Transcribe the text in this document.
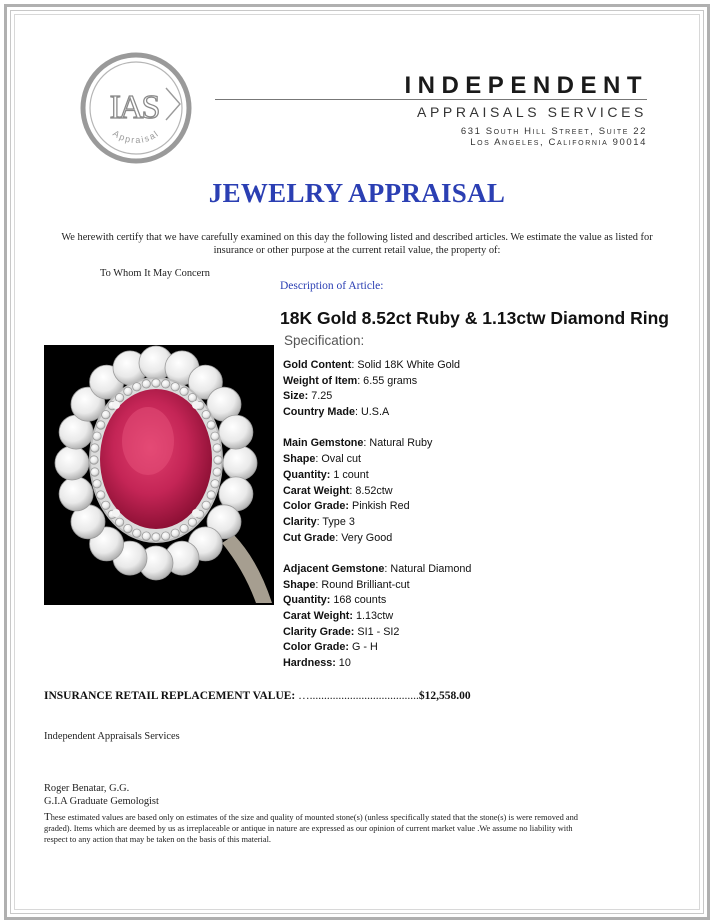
IAS
Appraisal
INDEPENDENT
APPRAISALS SERVICES
631 South Hill Street, Suite 22
Los Angeles, California 90014
JEWELRY APPRAISAL
We herewith certify that we have carefully examined on this day the following listed and described articles. We estimate the value as listed for insurance or other purpose at the current retail value, the property of:
To Whom It May Concern
Description of Article:
18K Gold 8.52ct Ruby & 1.13ctw Diamond Ring
Specification:
Gold Content: Solid 18K White Gold
Weight of Item: 6.55 grams
Size: 7.25
Country Made: U.S.A
Main Gemstone: Natural Ruby
Shape: Oval cut
Quantity: 1 count
Carat Weight: 8.52ctw
Color Grade: Pinkish Red
Clarity: Type 3
Cut Grade: Very Good
Adjacent Gemstone: Natural Diamond
Shape: Round Brilliant-cut
Quantity: 168 counts
Carat Weight: 1.13ctw
Clarity Grade: SI1 - SI2
Color Grade: G - H
Hardness: 10
INSURANCE RETAIL REPLACEMENT VALUE: …......................................$12,558.00
Independent Appraisals Services
Roger Benatar, G.G.
G.I.A Graduate Gemologist
These estimated values are based only on estimates of the size and quality of mounted stone(s) (unless specifically stated that the stone(s) is were removed and graded). Items which are deemed by us as irreplaceable or antique in nature are expressed as our opinion of current market value .We assume no liability with respect to any action that may be taken on the basis of this material.
